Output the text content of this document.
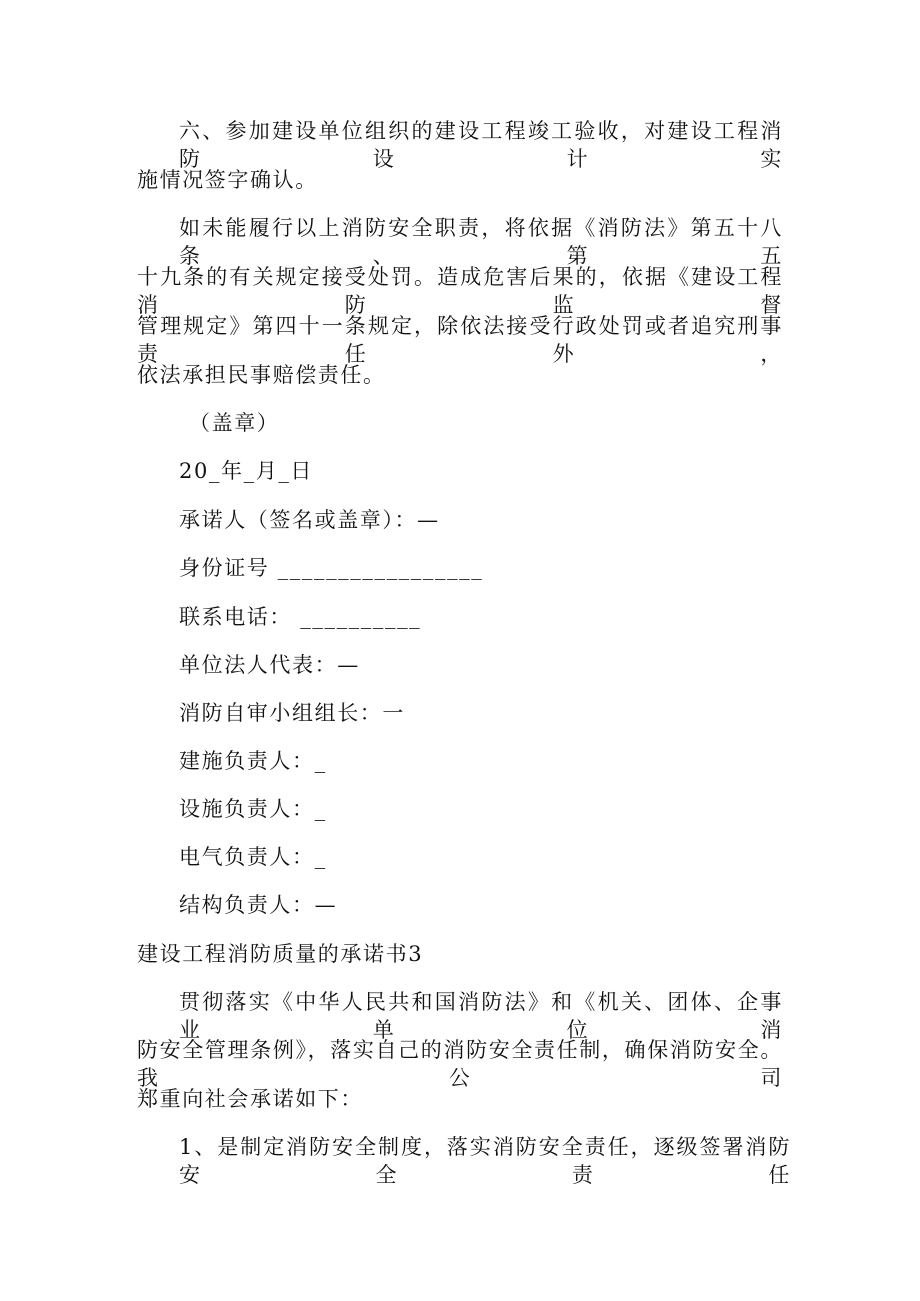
六、参加建设单位组织的建设工程竣工验收，对建设工程消防设计实
施情况签字确认。
如未能履行以上消防安全职责，将依据《消防法》第五十八条、第五
十九条的有关规定接受处罚。造成危害后果的，依据《建设工程消防监督
管理规定》第四十一条规定，除依法接受行政处罚或者追究刑事责任外，
依法承担民事赔偿责任。
（盖章）
20_年_月_日
承诺人（签名或盖章）：—
身份证号 _________________
联系电话： __________
单位法人代表：—
消防自审小组组长：一
建施负责人：_
设施负责人：_
电气负责人：_
结构负责人：—
建设工程消防质量的承诺书3
贯彻落实《中华人民共和国消防法》和《机关、团体、企事业单位消
防安全管理条例》，落实自己的消防安全责任制，确保消防安全。我公司
郑重向社会承诺如下：
1、是制定消防安全制度，落实消防安全责任，逐级签署消防安全责任
